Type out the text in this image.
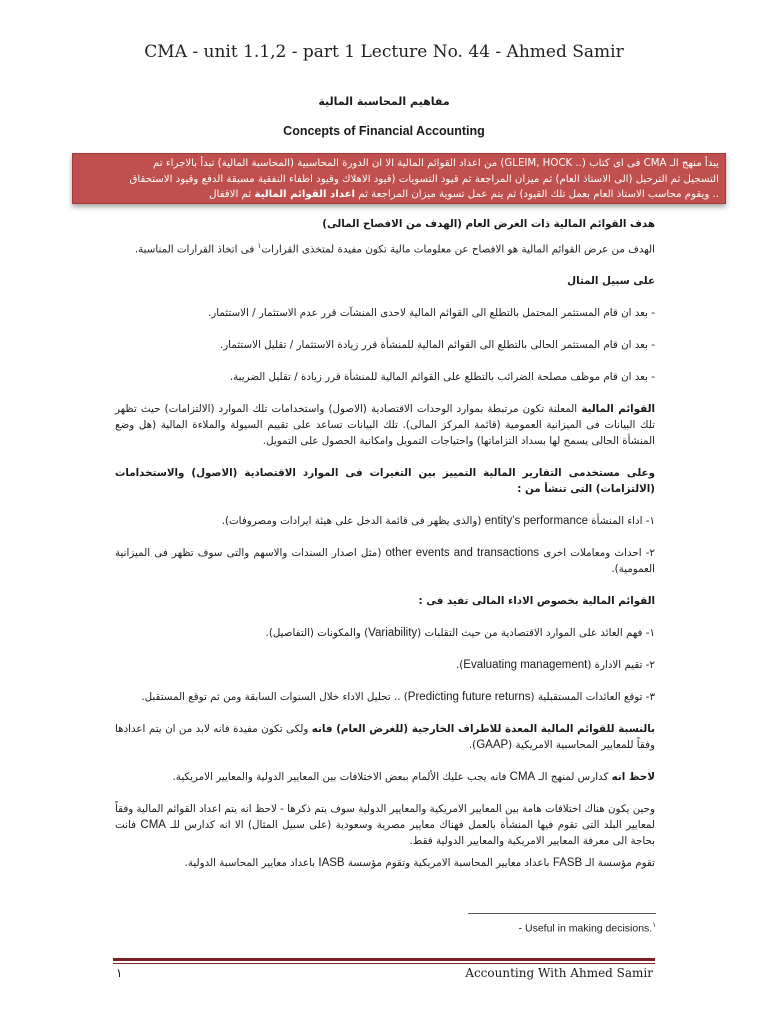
CMA - unit 1.1,2 - part 1 Lecture No. 44 - Ahmed Samir
مفاهيم المحاسبة المالية
Concepts of Financial Accounting
يبدأ منهج الـ CMA فى اى كتاب (.. GLEIM, HOCK) من اعداد القوائم المالية الا ان الدورة المحاسبية (المحاسبة المالية) تبدأ بالاجراء تم
التسجيل ثم الترحيل (الى الاستاذ العام) ثم ميزان المراجعة ثم قيود التسويات (قيود الاهلاك وقيود اطفاء النفقية مسبقة الدفع وقيود الاستحقاق
.. ويقوم محاسب الاستاذ العام بعمل تلك القيود) ثم يتم عمل تسوية ميزان المراجعة ثم اعداد القوائم المالية ثم الاقفال

هدف القوائم المالية ذات الغرض العام (الهدف من الافصاح المالى)

الهدف من عرض القوائم المالية هو الافصاح عن معلومات مالية تكون مفيدة لمتخذى القرارات$^١$ فى اتخاذ القرارات المناسبة.

على سبيل المثال

- بعد ان قام المستثمر المحتمل بالتطلع الى القوائم المالية لاحدى المنشآت قرر عدم الاستثمار / الاستثمار.

- بعد ان قام المستثمر الحالى بالتطلع الى القوائم المالية للمنشأة قرر زيادة الاستثمار / تقليل الاستثمار.

- بعد ان قام موظف مصلحة الضرائب بالتطلع على القوائم المالية للمنشأة قرر زيادة / تقليل الضريبة.

القوائم المالية المعلنة تكون مرتبطة بموارد الوحدات الاقتصادية (الاصول) واستخدامات تلك الموارد (الالتزامات) حيث تظهر تلك البيانات فى الميزانية العمومية (قائمة المركز المالى). تلك البيانات تساعد على تقييم السيولة والملاءة المالية (هل وضع المنشأة الحالى يسمح لها بسداد التزاماتها) واحتياجات التمويل وامكانية الحصول على التمويل.

وعلى مستخدمى التقارير المالية التمييز بين التغيرات فى الموارد الاقتصادية (الاصول) والاستخدامات (الالتزامات) التى تنشأ من :

١- اداء المنشأة entity’s performance (والذى يظهر فى قائمة الدخل على هيئة ايرادات ومصروفات).

٢- احداث ومعاملات اخرى other events and transactions (مثل اصدار السندات والاسهم والتى سوف تظهر فى الميزانية العمومية).

القوائم المالية بخصوص الاداء المالى تفيد فى :

١- فهم العائد على الموارد الاقتصادية من حيث التقلبات (Variability) والمكونات (التفاصيل).

٢- تقيم الادارة (Evaluating management).

٣- توقع العائدات المستقبلية (Predicting future returns) .. تحليل الاداء خلال السنوات السابقة ومن ثم توقع المستقبل.

بالنسبة للقوائم المالية المعدة للاطراف الخارجية (للغرض العام) فانه ولكى تكون مفيدة فانه لابد من ان يتم اعدادها وفقاً للمعايير المحاسبية الامريكية (GAAP).

لاحظ انه كدارس لمنهج الـ CMA فانه يجب عليك الألمام ببعض الاختلافات بين المعايير الدولية والمعايير الامريكية.

وحين يكون هناك اختلافات هامة بين المعايير الامريكية والمعايير الدولية سوف يتم ذكرها - لاحظ انه يتم اعداد القوائم المالية وفقاً لمعايير البلد التى تقوم فيها المنشأة بالعمل فهناك معايير مصرية وسعودية (على سبيل المثال) الا انه كدارس للـ CMA فانت بحاجة الى معرفة المعايير الامريكية والمعايير الدولية فقط.

تقوم مؤسسة الـ FASB باعداد معايير المحاسبة الامريكية وتقوم مؤسسة IASB باعداد معايير المحاسبة الدولية.

$^١$ - Useful in making decisions.
١	Accounting With Ahmed Samir
